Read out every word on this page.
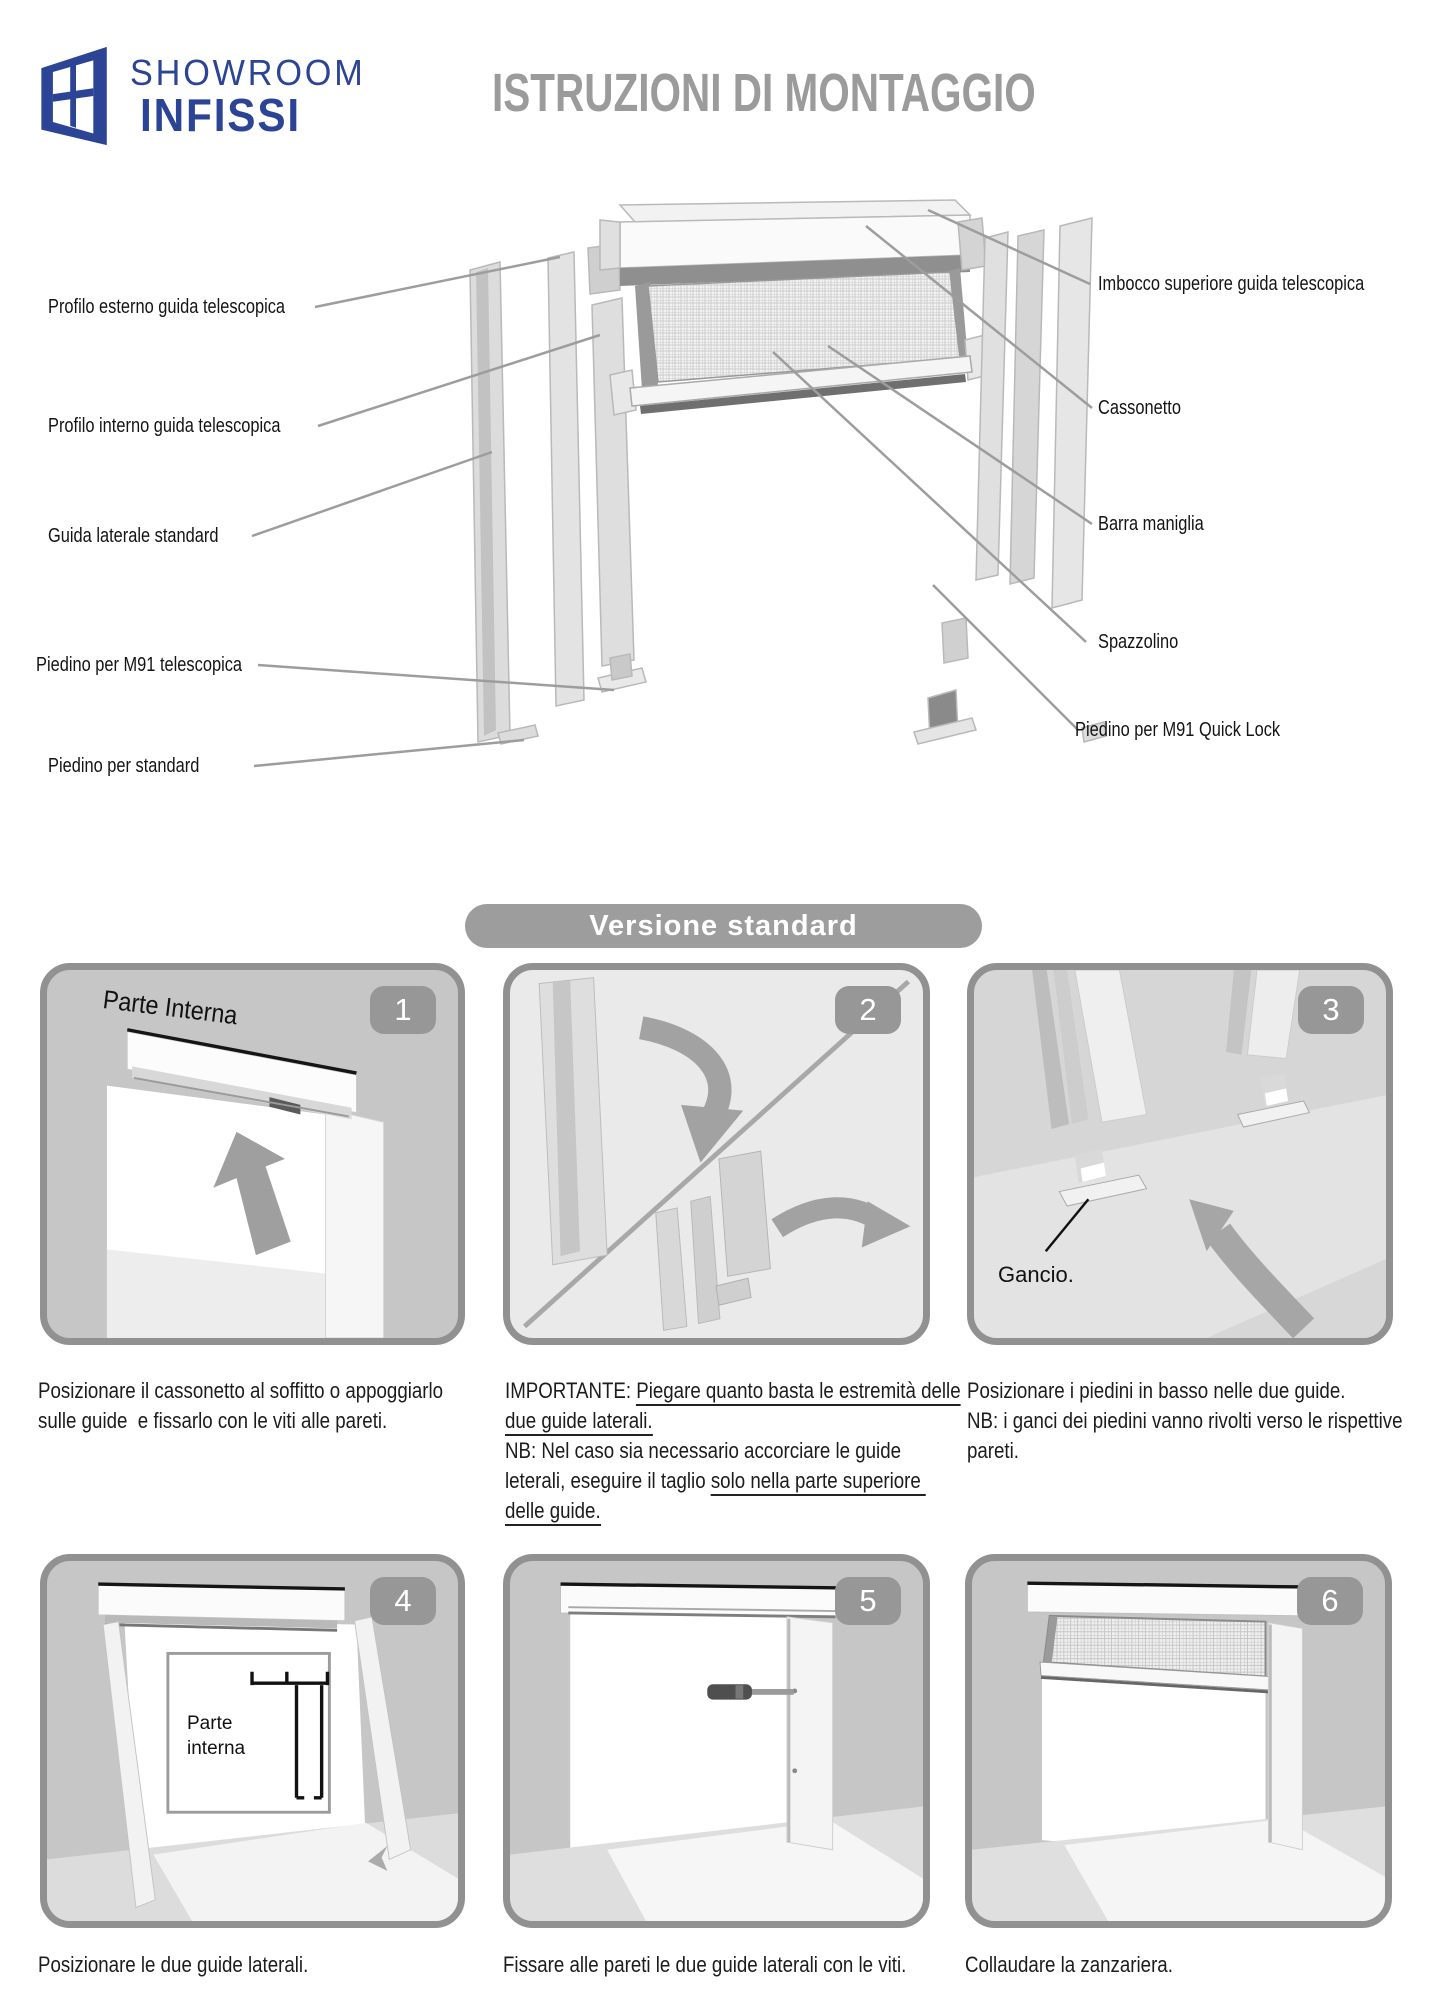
SHOWROOM
INFISSI	ISTRUZIONI DI MONTAGGIO
Profilo esterno guida telescopica
Profilo interno guida telescopica
Guida laterale standard
Piedino per M91 telescopica
Piedino per standard
Imbocco superiore guida telescopica
Cassonetto
Barra maniglia
Spazzolino
Piedino per M91 Quick Lock
Versione standard
Parte Interna	1	2
Gancio.
3
Posizionare il cassonetto al soffitto o appoggiarlo
sulle guide  e fissarlo con le viti alle pareti.
IMPORTANTE: Piegare quanto basta le estremità delle
due guide laterali.
NB: Nel caso sia necessario accorciare le guide
leterali, eseguire il taglio solo nella parte superiore
delle guide.
Posizionare i piedini in basso nelle due guide.
NB: i ganci dei piedini vanno rivolti verso le rispettive
pareti.
Parte
interna
4	5	6
Posizionare le due guide laterali.	Fissare alle pareti le due guide laterali con le viti.	Collaudare la zanzariera.
